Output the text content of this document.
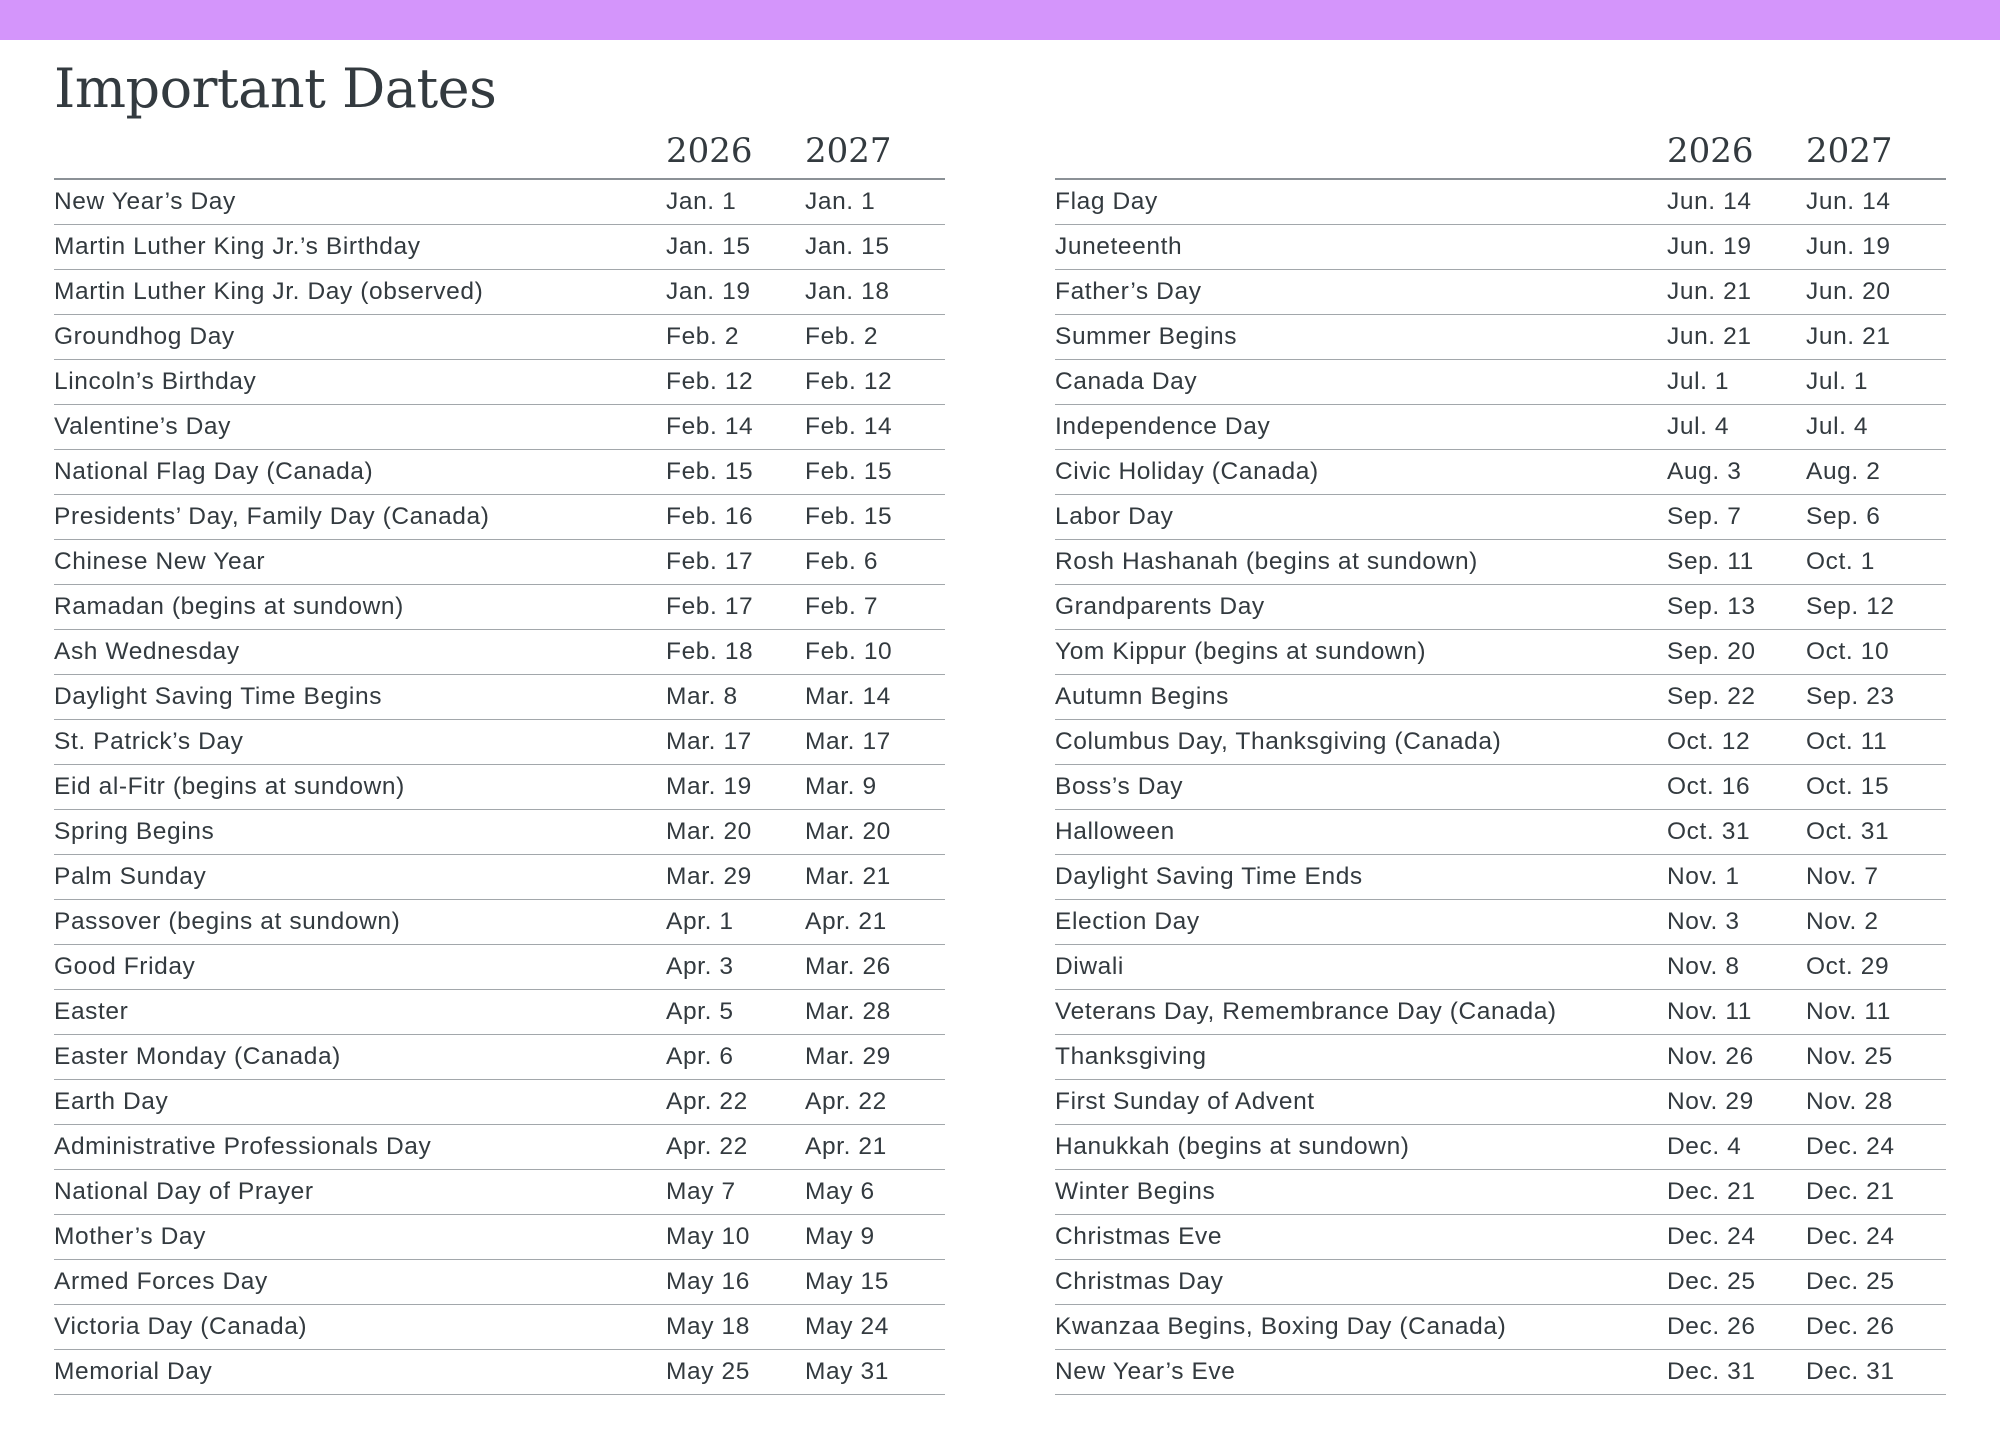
Important Dates
2026 2027
New Year’s Day	Jan. 1	Jan. 1
Martin Luther King Jr.’s Birthday	Jan. 15 Jan. 15
Martin Luther King Jr. Day (observed)	Jan. 19 Jan. 18
Groundhog Day	Feb. 2	Feb. 2
Lincoln’s Birthday	Feb. 12 Feb. 12
Valentine’s Day	Feb. 14 Feb. 14
National Flag Day (Canada)	Feb. 15 Feb. 15
Presidents’ Day, Family Day (Canada)	Feb. 16 Feb. 15
Chinese New Year	Feb. 17 Feb. 6
Ramadan (begins at sundown)	Feb. 17 Feb. 7
Ash Wednesday	Feb. 18 Feb. 10
Daylight Saving Time Begins	Mar. 8	Mar. 14
St. Patrick’s Day	Mar. 17 Mar. 17
Eid al-Fitr (begins at sundown)	Mar. 19 Mar. 9
Spring Begins	Mar. 20 Mar. 20
Palm Sunday	Mar. 29 Mar. 21
Passover (begins at sundown)	Apr. 1	Apr. 21
Good Friday	Apr. 3	Mar. 26
Easter	Apr. 5	Mar. 28
Easter Monday (Canada)	Apr. 6	Mar. 29
Earth Day	Apr. 22 Apr. 22
Administrative Professionals Day	Apr. 22 Apr. 21
National Day of Prayer	May 7	May 6
Mother’s Day	May 10 May 9
Armed Forces Day	May 16 May 15
Victoria Day (Canada)	May 18 May 24
Memorial Day	May 25 May 31
2026 2027
Flag Day	Jun. 14 Jun. 14
Juneteenth	Jun. 19 Jun. 19
Father’s Day	Jun. 21 Jun. 20
Summer Begins	Jun. 21 Jun. 21
Canada Day	Jul. 1	Jul. 1
Independence Day	Jul. 4	Jul. 4
Civic Holiday (Canada)	Aug. 3	Aug. 2
Labor Day	Sep. 7	Sep. 6
Rosh Hashanah (begins at sundown)	Sep. 11 Oct. 1
Grandparents Day	Sep. 13 Sep. 12
Yom Kippur (begins at sundown)	Sep. 20 Oct. 10
Autumn Begins	Sep. 22 Sep. 23
Columbus Day, Thanksgiving (Canada)	Oct. 12 Oct. 11
Boss’s Day	Oct. 16 Oct. 15
Halloween	Oct. 31 Oct. 31
Daylight Saving Time Ends	Nov. 1	Nov. 7
Election Day	Nov. 3	Nov. 2
Diwali	Nov. 8	Oct. 29
Veterans Day, Remembrance Day (Canada)	Nov. 11 Nov. 11
Thanksgiving	Nov. 26 Nov. 25
First Sunday of Advent	Nov. 29 Nov. 28
Hanukkah (begins at sundown)	Dec. 4	Dec. 24
Winter Begins	Dec. 21 Dec. 21
Christmas Eve	Dec. 24 Dec. 24
Christmas Day	Dec. 25 Dec. 25
Kwanzaa Begins, Boxing Day (Canada)	Dec. 26 Dec. 26
New Year’s Eve	Dec. 31 Dec. 31
